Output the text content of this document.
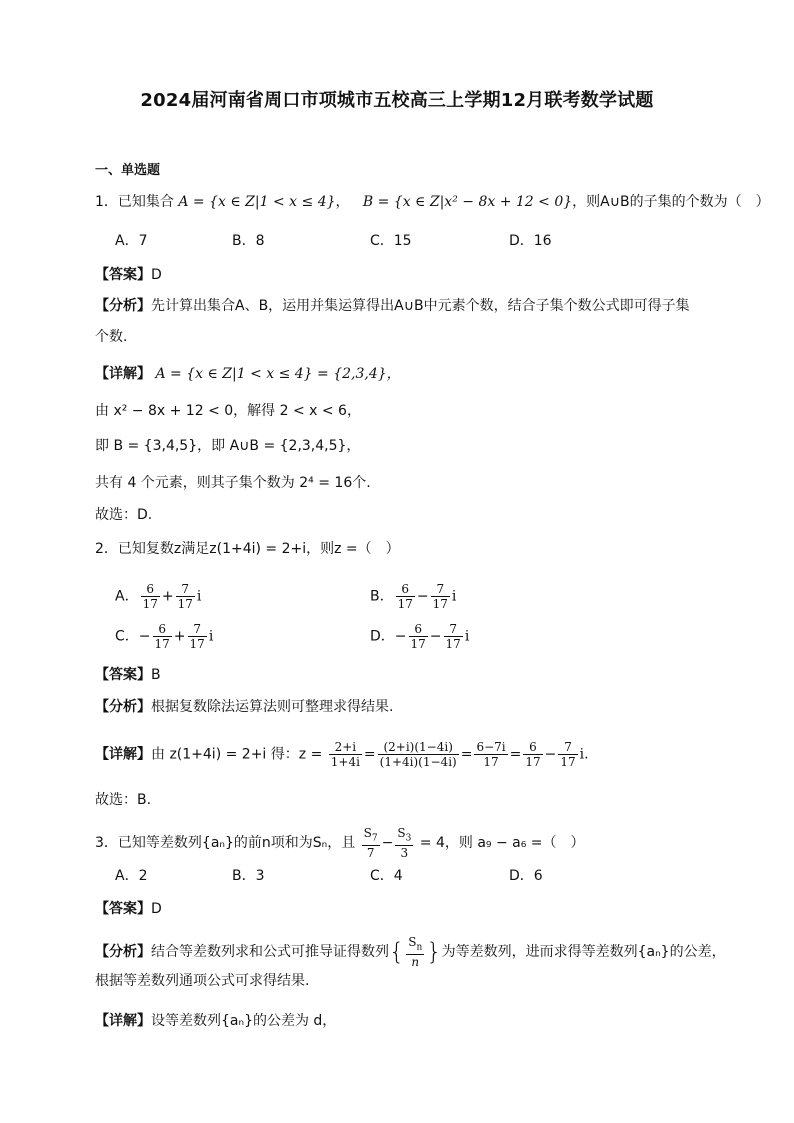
2024届河南省周口市项城市五校高三上学期12月联考数学试题
一、单选题
1．已知集合 A = {x ∈ Z|1 < x ≤ 4}，   B = {x ∈ Z|x² − 8x + 12 < 0}，则A∪B的子集的个数为（　）
A．7	B．8	C．15	D．16
【答案】D
【分析】先计算出集合A、B，运用并集运算得出A∪B中元素个数，结合子集个数公式即可得子集
个数.
【详解】 A = {x ∈ Z|1 < x ≤ 4} = {2,3,4}，
由 x² − 8x + 12 < 0，解得 2 < x < 6，
即 B = {3,4,5}，即 A∪B = {2,3,4,5}，
共有 4 个元素，则其子集个数为 2⁴ = 16个.
故选：D.
2．已知复数z满足z(1+4i) = 2+i，则z =（　）
A． $\frac{6}{17} + \frac{7}{17}$ i	B． $\frac{6}{17} - \frac{7}{17}$ i
C．− $\frac{6}{17} + \frac{7}{17}$ i	D．− $\frac{6}{17} - \frac{7}{17}$ i
【答案】B
【分析】根据复数除法运算法则可整理求得结果.
【详解】由 z(1+4i) = 2+i 得：$z = \frac{2+i}{1+4i} = \frac{(2+i)(1-4i)}{(1+4i)(1-4i)} = \frac{6-7i}{17} = \frac{6}{17} - \frac{7}{17} i$.
故选：B.
3．已知等差数列{aₙ}的前n项和为Sₙ，且 $\frac{S_7}{7} - \frac{S_3}{3} = 4$，则 a₉ − a₆ =（　）
A．2	B．3	C．4	D．6
【答案】D
【分析】结合等差数列求和公式可推导证得数列{ $\frac{S_n}{n}$ }为等差数列，进而求得等差数列{aₙ}的公差，
根据等差数列通项公式可求得结果.
【详解】设等差数列{aₙ}的公差为 d，
